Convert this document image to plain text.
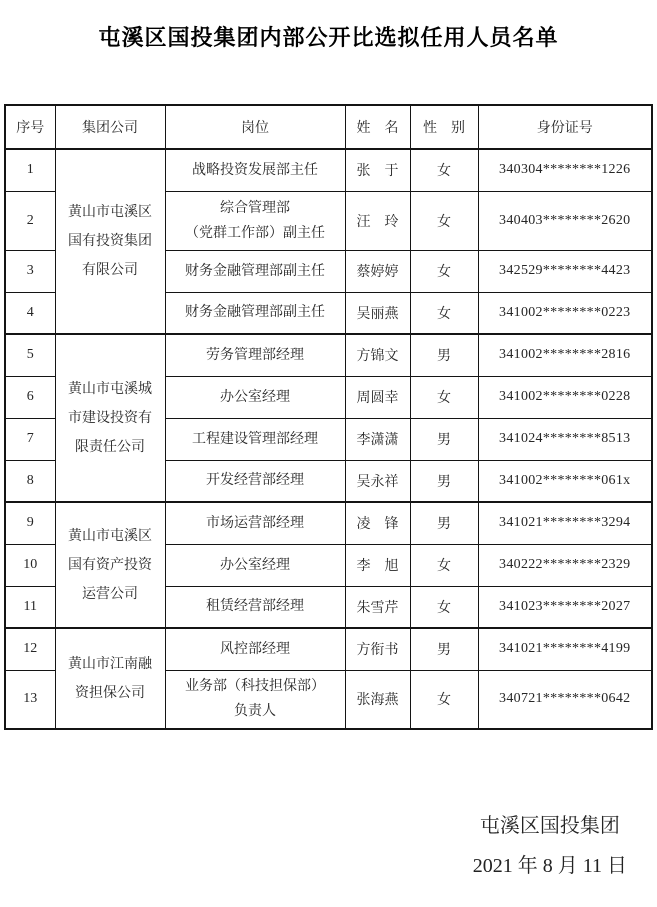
屯溪区国投集团内部公开比选拟任用人员名单
序号	集团公司	岗位	姓　名	性　别	身份证号
1	黄山市屯溪区
国有投资集团
有限公司	战略投资发展部主任	张　于	女	340304********1226
2		综合管理部
（党群工作部）副主任	汪　玲	女	340403********2620
3		财务金融管理部副主任	蔡婷婷	女	342529********4423
4		财务金融管理部副主任	吴丽燕	女	341002********0223
5	黄山市屯溪城
市建设投资有
限责任公司	劳务管理部经理	方锦文	男	341002********2816
6		办公室经理	周圆幸	女	341002********0228
7		工程建设管理部经理	李潇潇	男	341024********8513
8		开发经营部经理	吴永祥	男	341002********061x
9	黄山市屯溪区
国有资产投资
运营公司	市场运营部经理	凌　锋	男	341021********3294
10		办公室经理	李　旭	女	340222********2329
11		租赁经营部经理	朱雪芹	女	341023********2027
12	黄山市江南融
资担保公司	风控部经理	方衔书	男	341021********4199
13		业务部（科技担保部）
负责人	张海燕	女	340721********0642
屯溪区国投集团
2021 年 8 月 11 日
